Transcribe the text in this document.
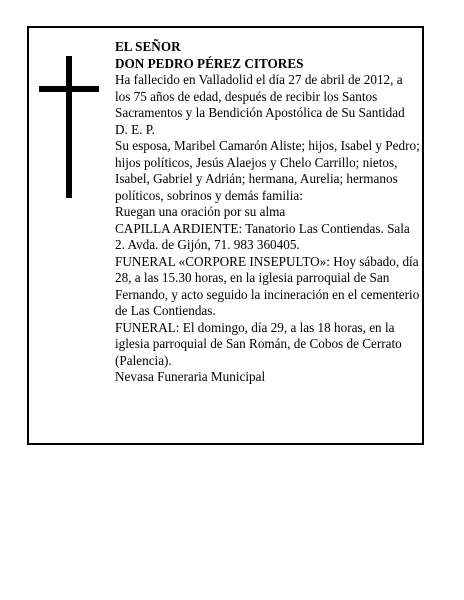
EL SEÑOR

DON PEDRO PÉREZ CITORES

Ha fallecido en Valladolid el día 27 de abril de 2012, a los 75 años de edad, después de recibir los Santos Sacramentos y la Bendición Apostólica de Su Santidad D. E. P.

Su esposa, Maribel Camarón Aliste; hijos, Isabel y Pedro; hijos políticos, Jesús Alaejos y Chelo Carrillo; nietos, Isabel, Gabriel y Adrián; hermana, Aurelia; hermanos políticos, sobrinos y demás familia:

Ruegan una oración por su alma

CAPILLA ARDIENTE: Tanatorio Las Contiendas. Sala 2. Avda. de Gijón, 71. 983 360405.

FUNERAL «CORPORE INSEPULTO»: Hoy sábado, día 28, a las 15.30 horas, en la iglesia parroquial de San Fernando, y acto seguido la incineración en el cementerio de Las Contiendas.

FUNERAL: El domingo, día 29, a las 18 horas, en la iglesia parroquial de San Román, de Cobos de Cerrato (Palencia).

Nevasa Funeraria Municipal
